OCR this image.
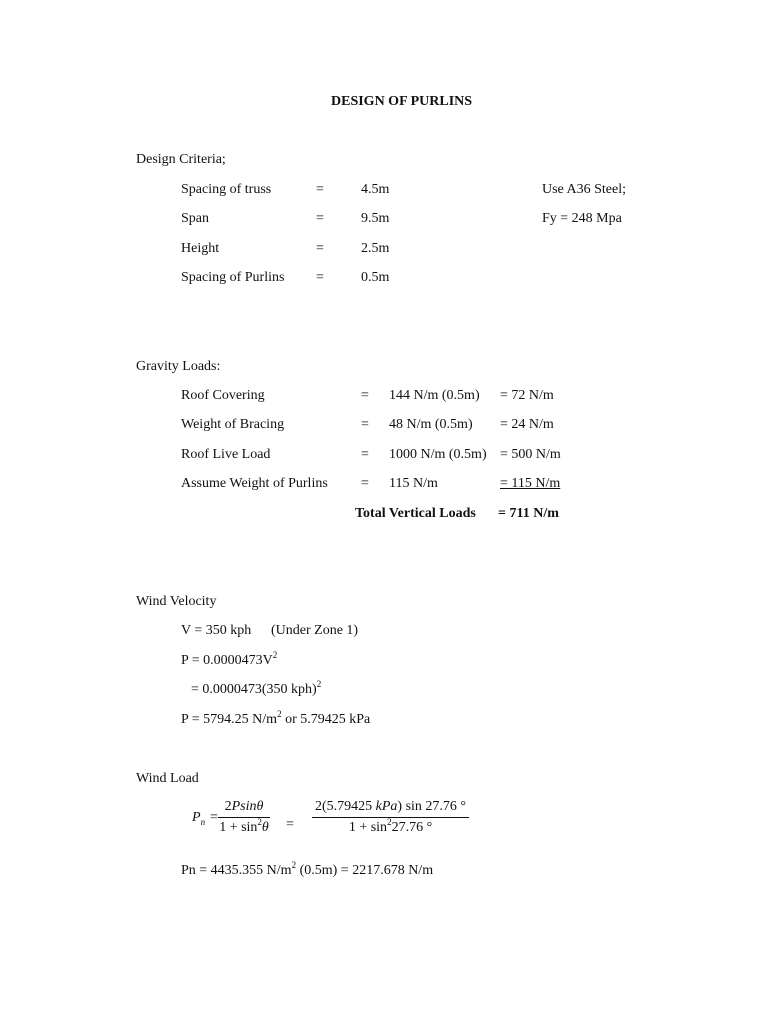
DESIGN OF PURLINS
Design Criteria;
Spacing of truss	=	4.5m	Use A36 Steel;
Span	=	9.5m	Fy = 248 Mpa
Height	=	2.5m
Spacing of Purlins =	0.5m
Gravity Loads:
Roof Covering	= 144 N/m (0.5m) = 72 N/m
Weight of Bracing	= 48 N/m (0.5m) = 24 N/m
Roof Live Load	= 1000 N/m (0.5m) = 500 N/m
Assume Weight of Purlins = 115 N/m	= 115 N/m
Total Vertical Loads = 711 N/m
Wind Velocity
V = 350 kph (Under Zone 1)
$P = 0.0000473V^2$
= 0.0000473(350 kph)$^2$
P = 5794.25 $N/m^2$ or 5.79425 kPa
Wind Load
$P_n$ =
2Psinθ
$1 + \sin^2\theta$ =
2(5.79425 kPa) sin 27.76 °
$1 + \sin^227.76$ °
Pn = 4435.355 $N/m^2$ (0.5m) = 2217.678 N/m
